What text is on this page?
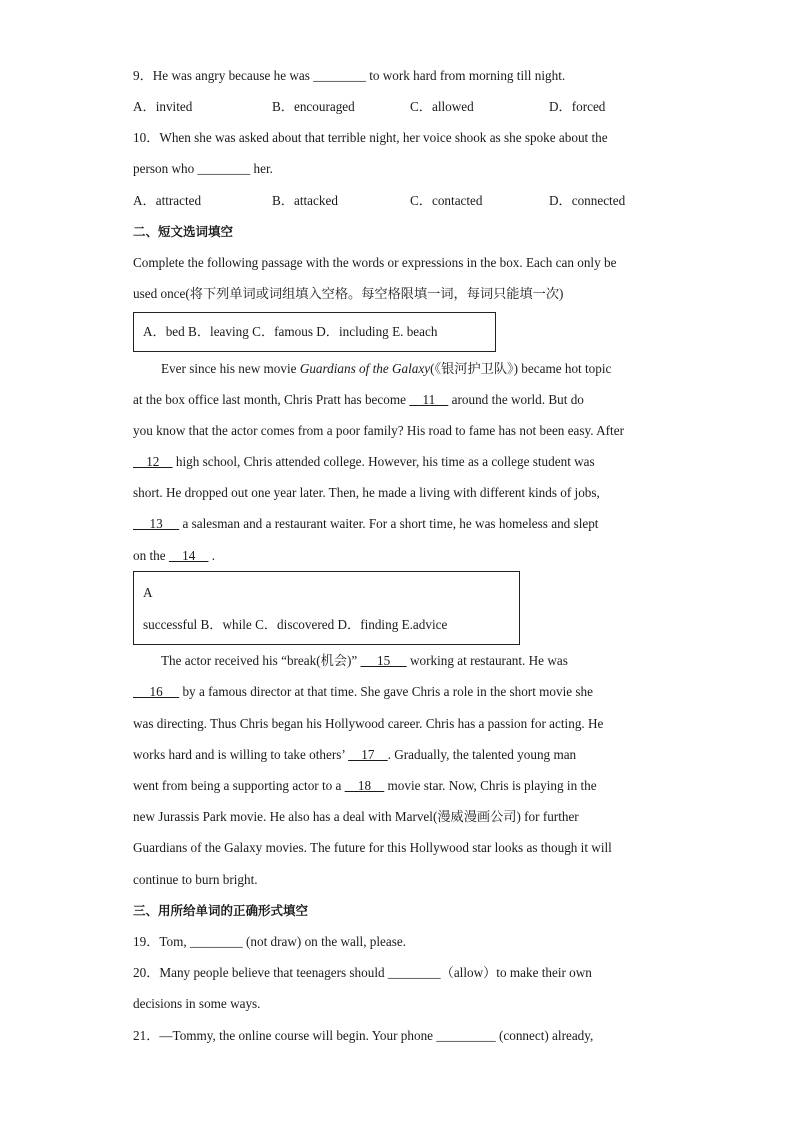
9．He was angry because he was ________ to work hard from morning till night.
A．invited	B．encouraged	C．allowed	D．forced
10．When she was asked about that terrible night, her voice shook as she spoke about the
person who ________ her.
A．attracted	B．attacked	C．contacted	D．connected
二、短文选词填空
Complete the following passage with the words or expressions in the box. Each can only be
used once(将下列单词或词组填入空格。每空格限填一词，每词只能填一次)
A．bed B．leaving C．famous D．including E. beach
Ever since his new movie Guardians of the Galaxy(《银河护卫队》) became hot topic
at the box office last month, Chris Pratt has become     11     around the world. But do
you know that the actor comes from a poor family? His road to fame has not been easy. After
12     high school, Chris attended college. However, his time as a college student was
short. He dropped out one year later. Then, he made a living with different kinds of jobs,
13      a salesman and a restaurant waiter. For a short time, he was homeless and slept
on the     14     .
A
successful B．while C．discovered D．finding E.advice
The actor received his “break(机会)”      15      working at restaurant. He was
16      by a famous director at that time. She gave Chris a role in the short movie she
was directing. Thus Chris began his Hollywood career. Chris has a passion for acting. He
works hard and is willing to take others’     17    . Gradually, the talented young man
went from being a supporting actor to a     18     movie star. Now, Chris is playing in the
new Jurassis Park movie. He also has a deal with Marvel(漫威漫画公司) for further
Guardians of the Galaxy movies. The future for this Hollywood star looks as though it will
continue to burn bright.
三、用所给单词的正确形式填空
19．Tom, ________ (not draw) on the wall, please.
20．Many people believe that teenagers should ________（allow）to make their own
decisions in some ways.
21．—Tommy, the online course will begin. Your phone _________ (connect) already,
